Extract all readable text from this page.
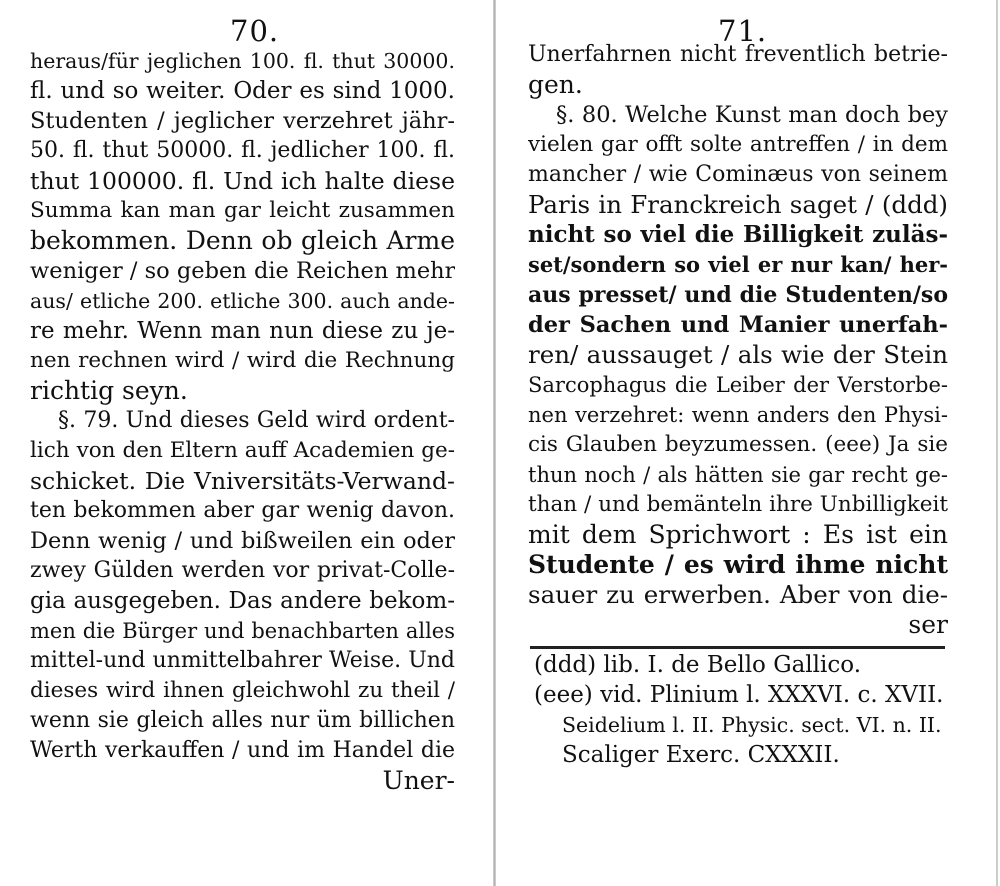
70.
heraus/für jeglichen 100. fl. thut 30000.
fl. und so weiter. Oder es sind 1000.
Studenten / jeglicher verzehret jähr-
50. fl. thut 50000. fl. jedlicher 100. fl.
thut 100000. fl. Und ich halte diese
Summa kan man gar leicht zusammen
bekommen. Denn ob gleich Arme
weniger / so geben die Reichen mehr
aus/ etliche 200. etliche 300. auch ande-
re mehr. Wenn man nun diese zu je-
nen rechnen wird / wird die Rechnung
richtig seyn.
§. 79. Und dieses Geld wird ordent-
lich von den Eltern auff Academien ge-
schicket. Die Vniversitäts-Verwand-
ten bekommen aber gar wenig davon.
Denn wenig / und bißweilen ein oder
zwey Gülden werden vor privat-Colle-
gia ausgegeben. Das andere bekom-
men die Bürger und benachbarten alles
mittel-und unmittelbahrer Weise. Und
dieses wird ihnen gleichwohl zu theil /
wenn sie gleich alles nur üm billichen
Werth verkauffen / und im Handel die
Uner-
71.
Unerfahrnen nicht freventlich betrie-
gen.
§. 80. Welche Kunst man doch bey
vielen gar offt solte antreffen / in dem
mancher / wie Cominæus von seinem
Paris in Franckreich saget / (ddd)
nicht so viel die Billigkeit zuläs-
set/sondern so viel er nur kan/ her-
aus presset/ und die Studenten/so
der Sachen und Manier unerfah-
ren/ aussauget / als wie der Stein
Sarcophagus die Leiber der Verstorbe-
nen verzehret: wenn anders den Physi-
cis Glauben beyzumessen. (eee) Ja sie
thun noch / als hätten sie gar recht ge-
than / und bemänteln ihre Unbilligkeit
mit dem Sprichwort : Es ist ein
Studente / es wird ihme nicht
sauer zu erwerben. Aber von die-
ser
(ddd) lib. I. de Bello Gallico.
(eee) vid. Plinium l. XXXVI. c. XVII.
Seidelium l. II. Physic. sect. VI. n. II.
Scaliger Exerc. CXXXII.
